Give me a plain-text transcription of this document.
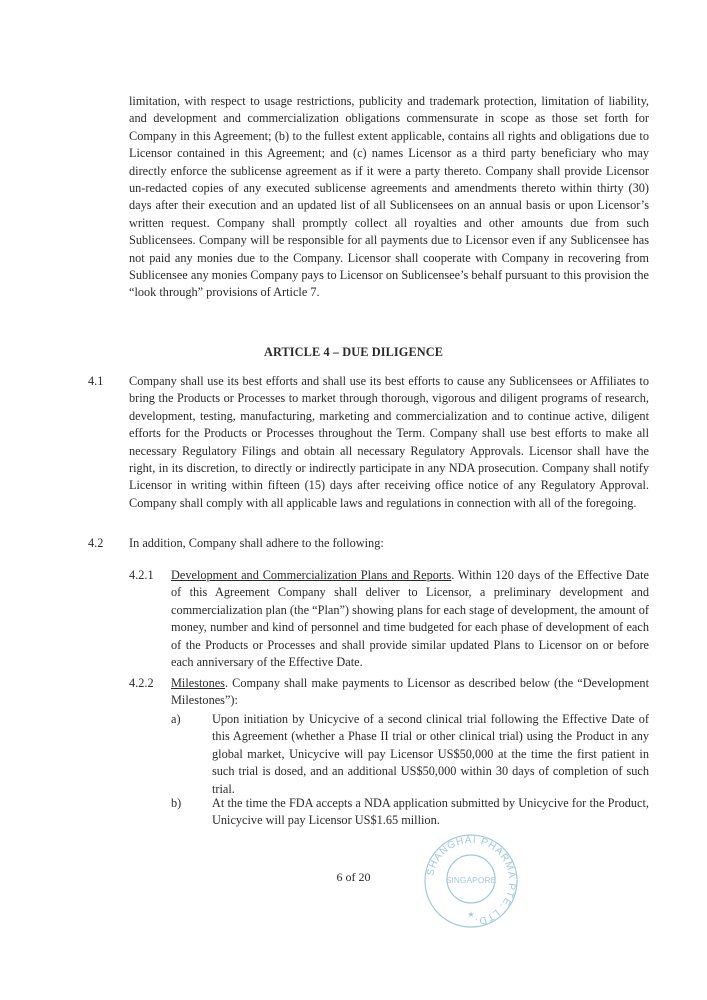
limitation, with respect to usage restrictions, publicity and trademark protection, limitation of liability, and development and commercialization obligations commensurate in scope as those set forth for Company in this Agreement; (b) to the fullest extent applicable, contains all rights and obligations due to Licensor contained in this Agreement; and (c) names Licensor as a third party beneficiary who may directly enforce the sublicense agreement as if it were a party thereto. Company shall provide Licensor un-redacted copies of any executed sublicense agreements and amendments thereto within thirty (30) days after their execution and an updated list of all Sublicensees on an annual basis or upon Licensor’s written request. Company shall promptly collect all royalties and other amounts due from such Sublicensees. Company will be responsible for all payments due to Licensor even if any Sublicensee has not paid any monies due to the Company. Licensor shall cooperate with Company in recovering from Sublicensee any monies Company pays to Licensor on Sublicensee’s behalf pursuant to this provision the “look through” provisions of Article 7.
ARTICLE 4 – DUE DILIGENCE
4.1 Company shall use its best efforts and shall use its best efforts to cause any Sublicensees or Affiliates to bring the Products or Processes to market through thorough, vigorous and diligent programs of research, development, testing, manufacturing, marketing and commercialization and to continue active, diligent efforts for the Products or Processes throughout the Term. Company shall use best efforts to make all necessary Regulatory Filings and obtain all necessary Regulatory Approvals. Licensor shall have the right, in its discretion, to directly or indirectly participate in any NDA prosecution. Company shall notify Licensor in writing within fifteen (15) days after receiving office notice of any Regulatory Approval. Company shall comply with all applicable laws and regulations in connection with all of the foregoing.
4.2 In addition, Company shall adhere to the following:
4.2.1 Development and Commercialization Plans and Reports. Within 120 days of the Effective Date of this Agreement Company shall deliver to Licensor, a preliminary development and commercialization plan (the “Plan”) showing plans for each stage of development, the amount of money, number and kind of personnel and time budgeted for each phase of development of each of the Products or Processes and shall provide similar updated Plans to Licensor on or before each anniversary of the Effective Date.
4.2.2 Milestones. Company shall make payments to Licensor as described below (the “Development Milestones”):
a)	Upon initiation by Unicycive of a second clinical trial following the Effective Date of this Agreement (whether a Phase II trial or other clinical trial) using the Product in any global market, Unicycive will pay Licensor US$50,000 at the time the first patient in such trial is dosed, and an additional US$50,000 within 30 days of completion of such trial.
b)	At the time the FDA accepts a NDA application submitted by Unicycive for the Product, Unicycive will pay Licensor US$1.65 million.
6 of 20	SHANGHAI PHARMA PTE. LTD.
SINGAPORE
★
